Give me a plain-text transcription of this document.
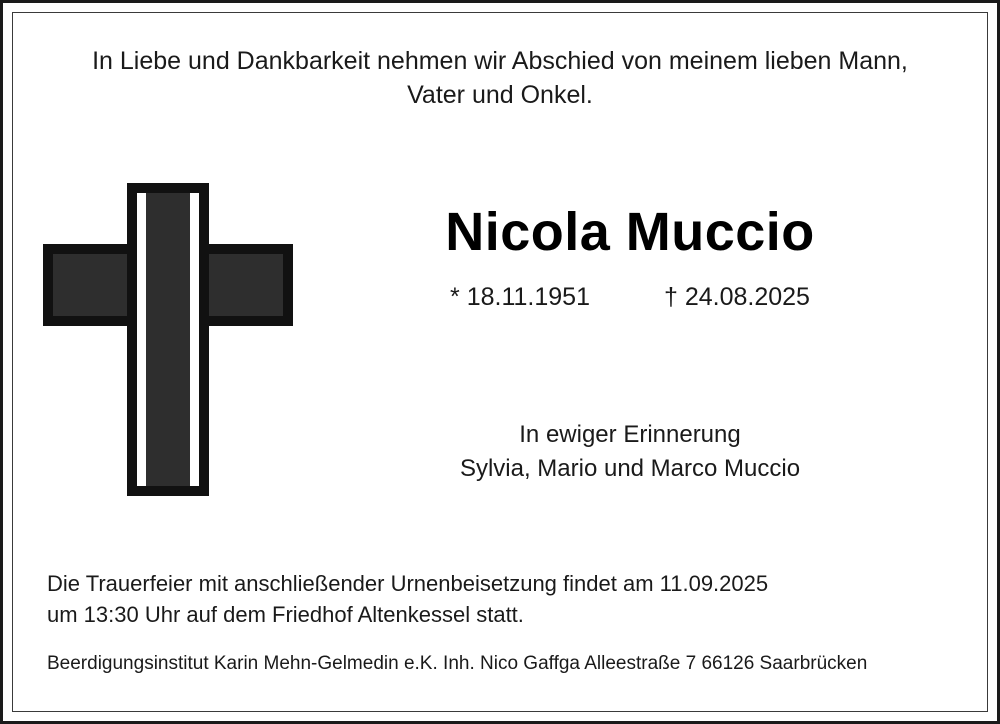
In Liebe und Dankbarkeit nehmen wir Abschied von meinem lieben Mann,
Vater und Onkel.
Nicola Muccio
* 18.11.1951	† 24.08.2025
In ewiger Erinnerung
Sylvia, Mario und Marco Muccio
Die Trauerfeier mit anschließender Urnenbeisetzung findet am 11.09.2025
um 13:30 Uhr auf dem Friedhof Altenkessel statt.
Beerdigungsinstitut Karin Mehn-Gelmedin e.K. Inh. Nico Gaffga Alleestraße 7 66126 Saarbrücken
